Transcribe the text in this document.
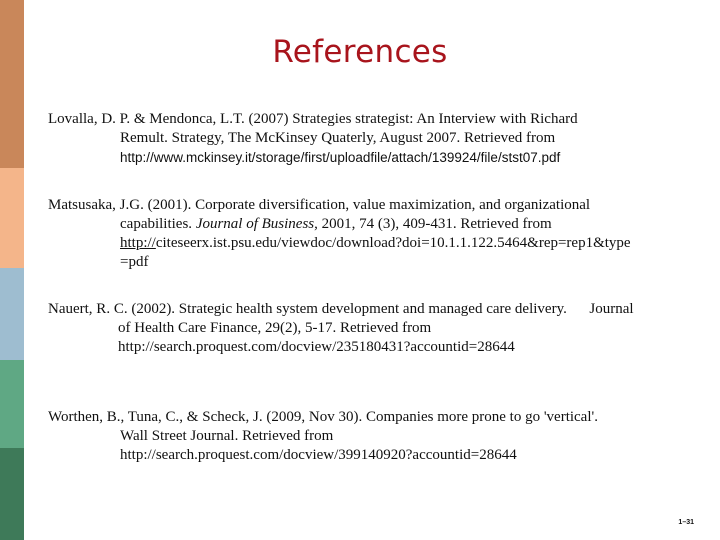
References
Lovalla, D. P. & Mendonca, L.T. (2007) Strategies strategist: An Interview with Richard
Remult. Strategy, The McKinsey Quaterly, August 2007. Retrieved from
http://www.mckinsey.it/storage/first/uploadfile/attach/139924/file/stst07.pdf
Matsusaka, J.G. (2001). Corporate diversification, value maximization, and organizational
capabilities. Journal of Business, 2001, 74 (3), 409-431. Retrieved from
http://citeseerx.ist.psu.edu/viewdoc/download?doi=10.1.1.122.5464&rep=rep1&type
=pdf
Nauert, R. C. (2002). Strategic health system development and managed care delivery.      Journal
of Health Care Finance, 29(2), 5-17. Retrieved from
http://search.proquest.com/docview/235180431?accountid=28644
Worthen, B., Tuna, C., & Scheck, J. (2009, Nov 30). Companies more prone to go 'vertical'.
Wall Street Journal. Retrieved from
http://search.proquest.com/docview/399140920?accountid=28644
1–31
